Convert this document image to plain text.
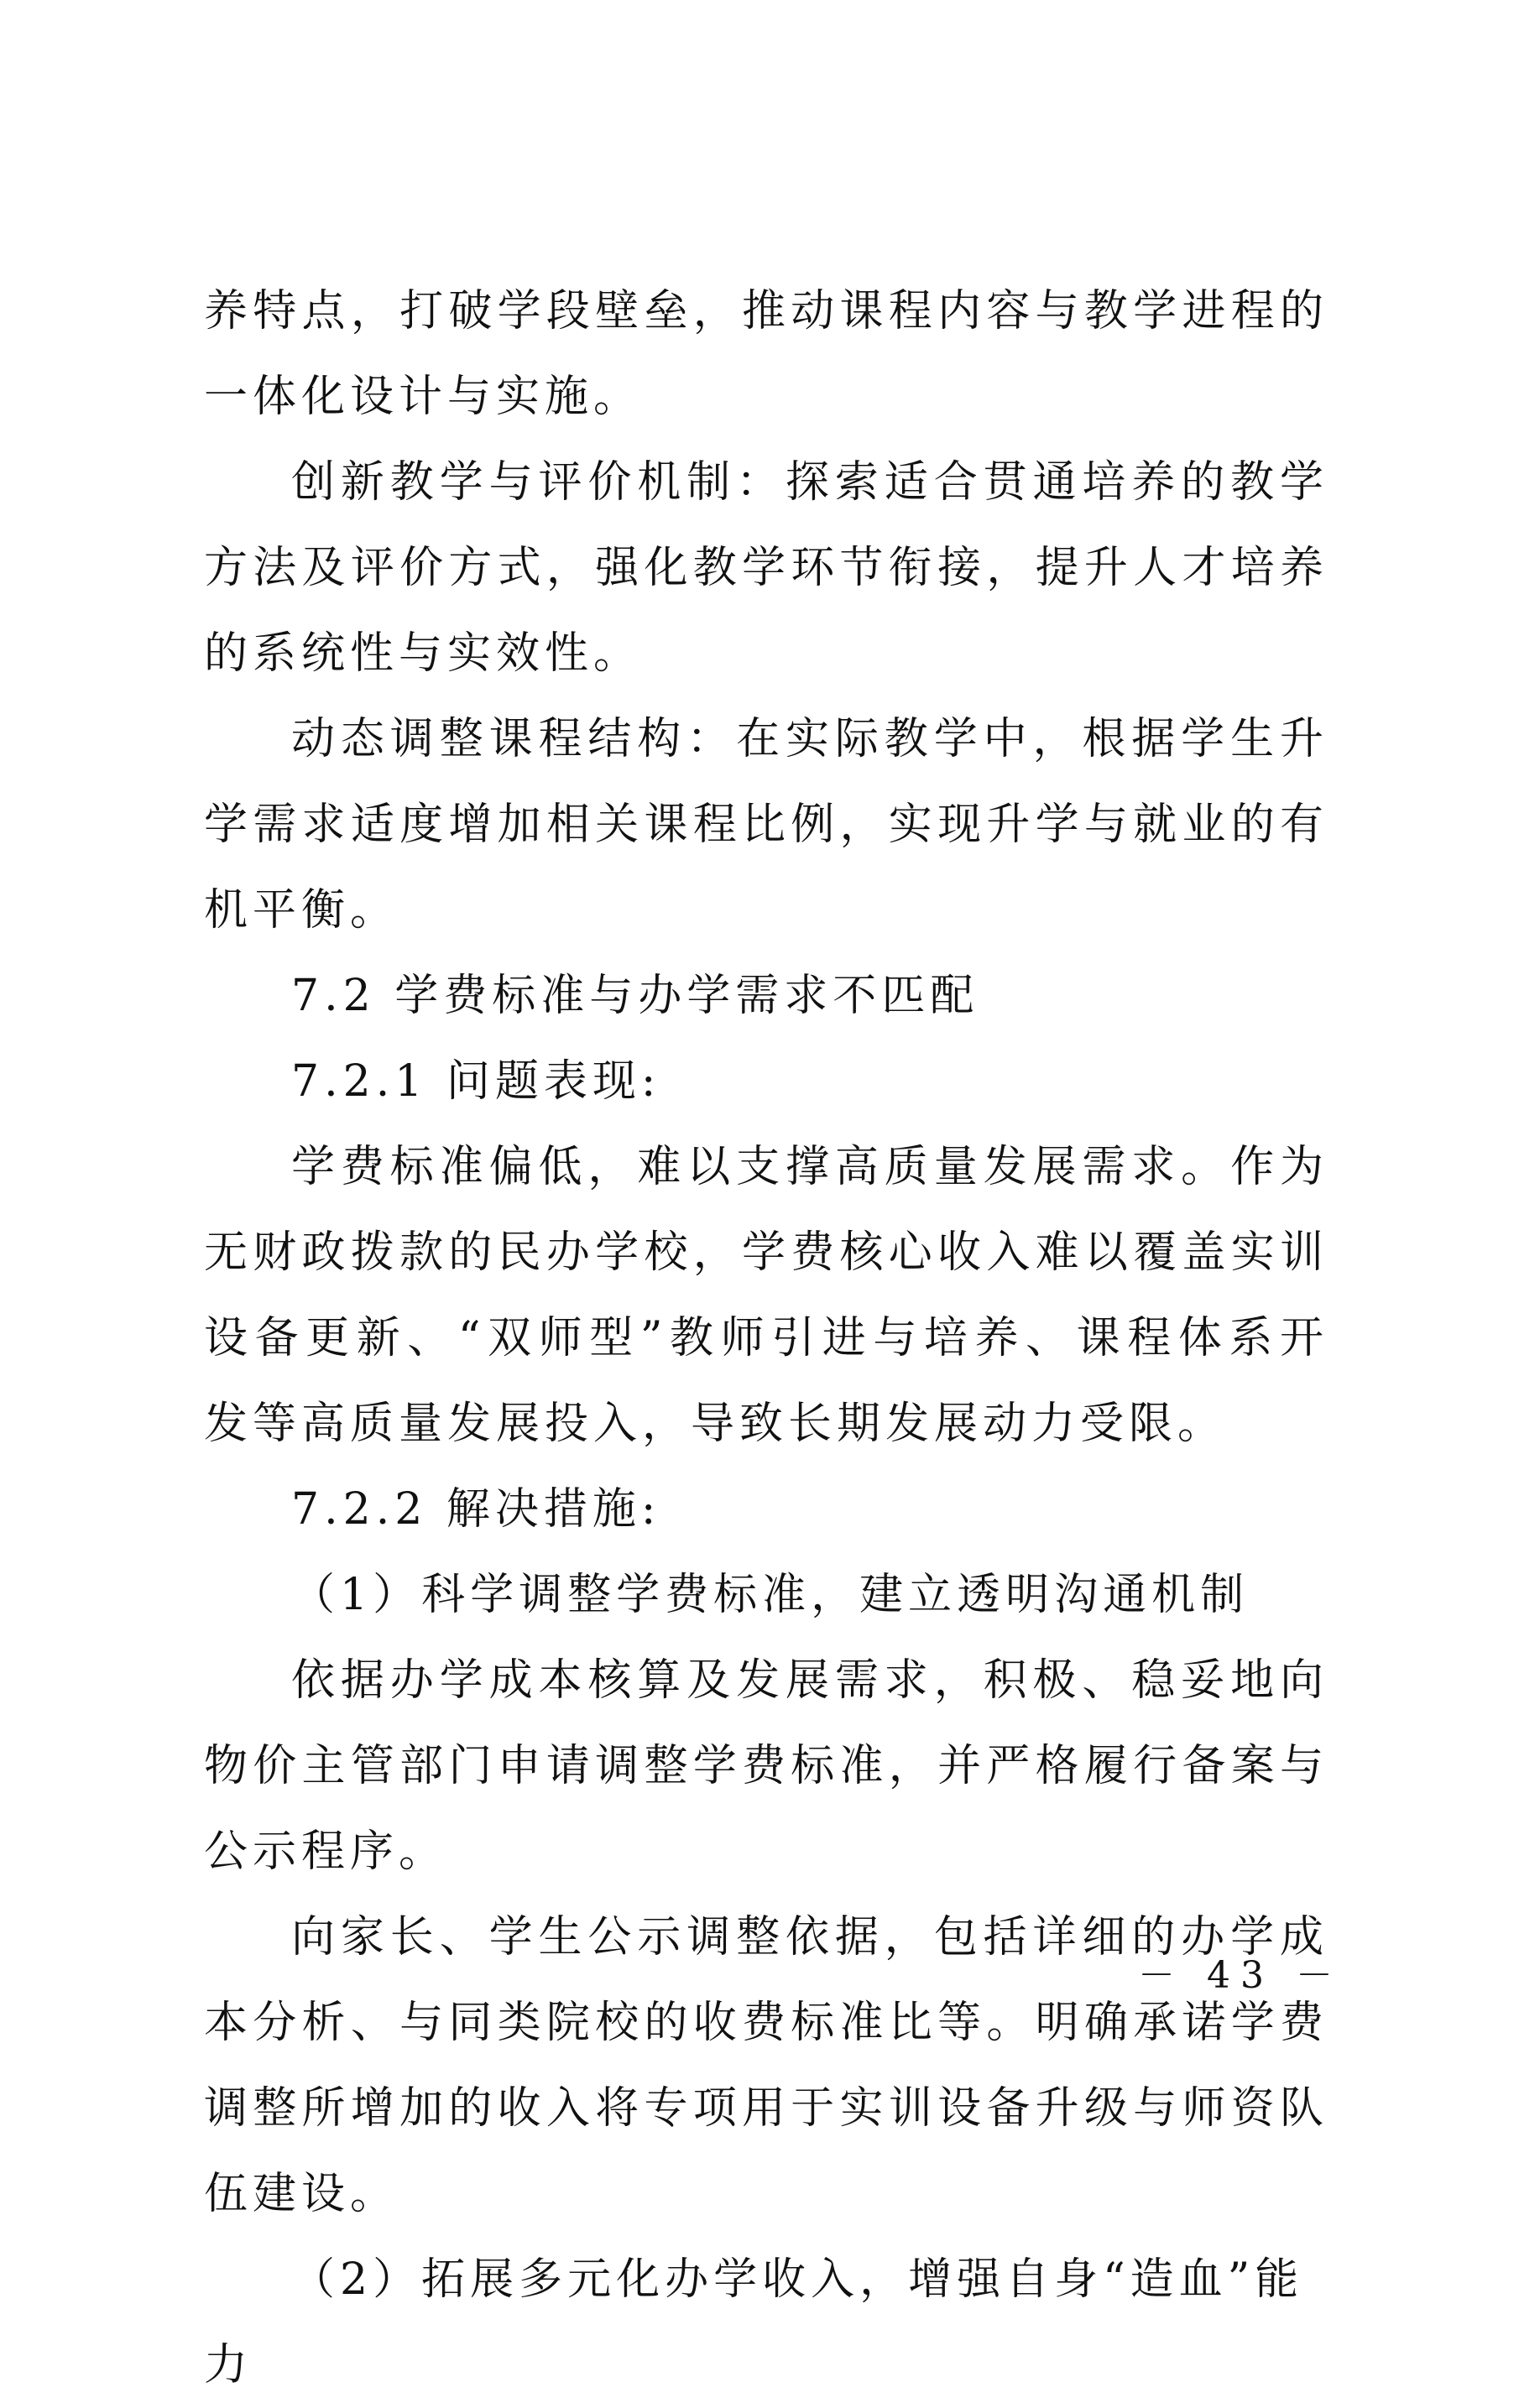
养特点，打破学段壁垒，推动课程内容与教学进程的一体化设计与实施。

创新教学与评价机制：探索适合贯通培养的教学方法及评价方式，强化教学环节衔接，提升人才培养的系统性与实效性。

动态调整课程结构：在实际教学中，根据学生升学需求适度增加相关课程比例，实现升学与就业的有机平衡。

7.2 学费标准与办学需求不匹配

7.2.1 问题表现:

学费标准偏低，难以支撑高质量发展需求。作为无财政拨款的民办学校，学费核心收入难以覆盖实训设备更新、“双师型”教师引进与培养、课程体系开发等高质量发展投入，导致长期发展动力受限。

7.2.2 解决措施:

（1）科学调整学费标准，建立透明沟通机制

依据办学成本核算及发展需求，积极、稳妥地向物价主管部门申请调整学费标准，并严格履行备案与公示程序。

向家长、学生公示调整依据，包括详细的办学成本分析、与同类院校的收费标准比等。明确承诺学费调整所增加的收入将专项用于实训设备升级与师资队伍建设。

（2）拓展多元化办学收入，增强自身“造血”能力

－ 43 －
